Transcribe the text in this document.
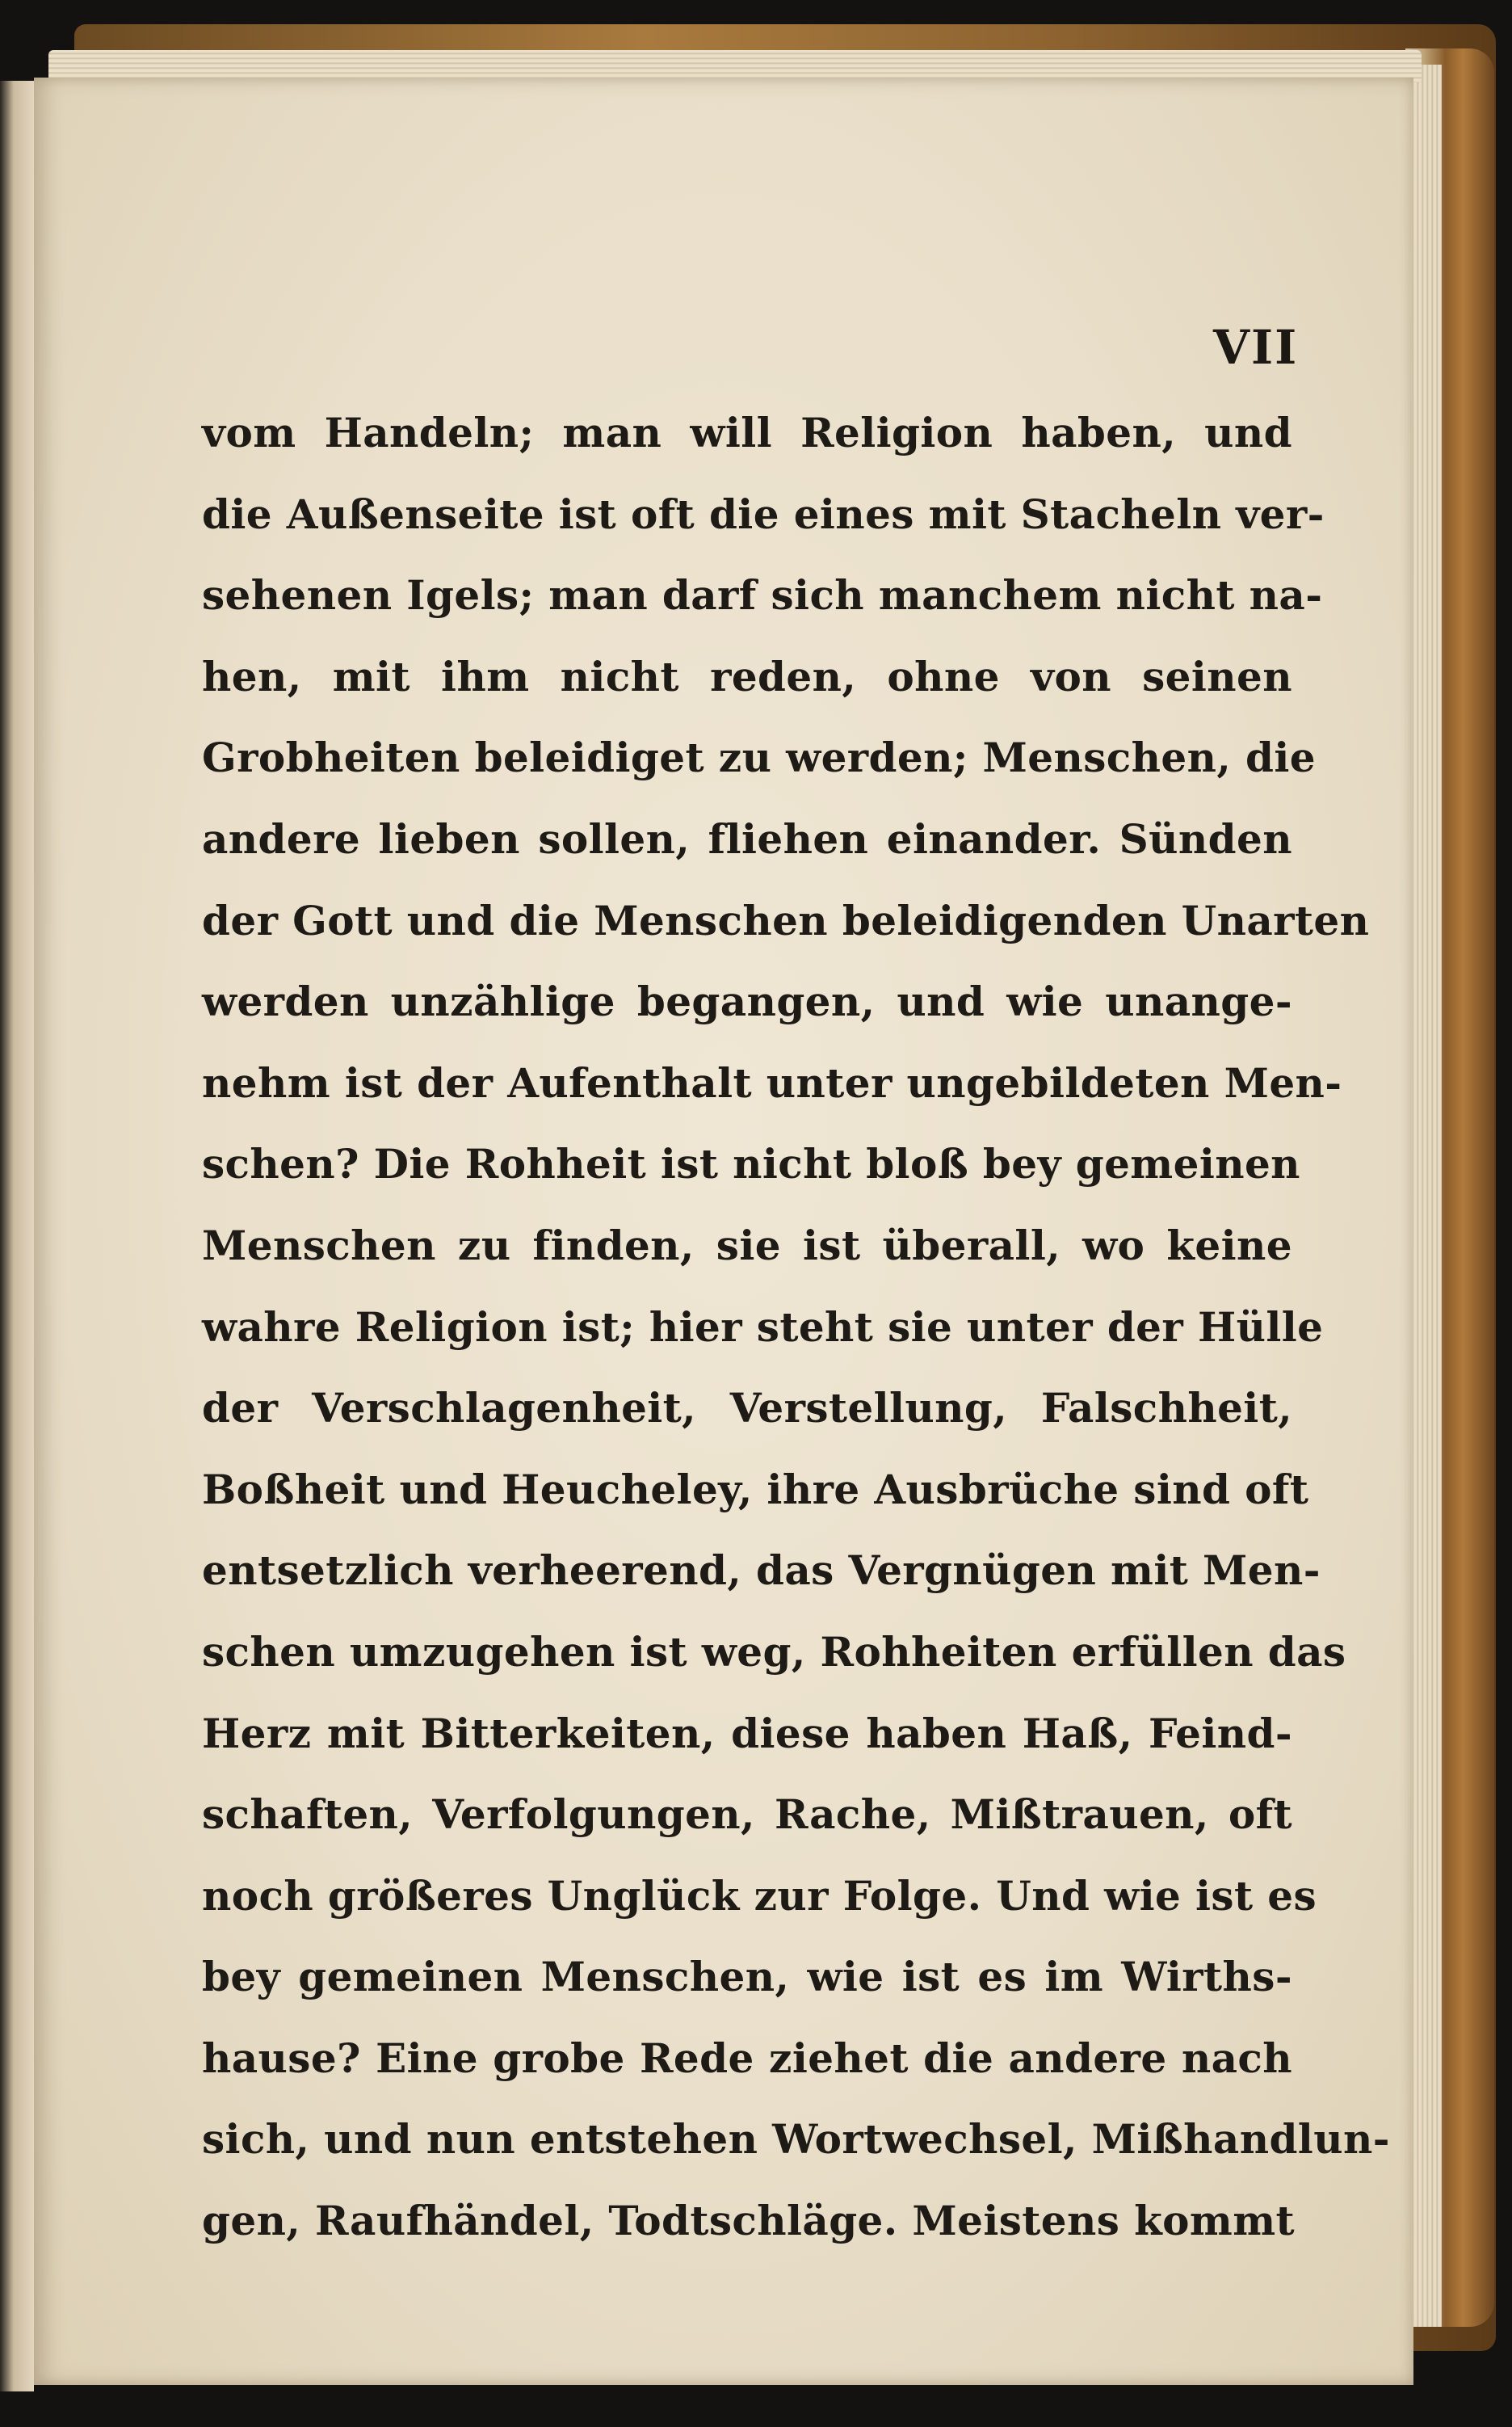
VII
vom Handeln; man will Religion haben, und
die Außenseite ist oft die eines mit Stacheln ver-
sehenen Igels; man darf sich manchem nicht na-
hen, mit ihm nicht reden, ohne von seinen
Grobheiten beleidiget zu werden; Menschen, die
andere lieben sollen, fliehen einander. Sünden
der Gott und die Menschen beleidigenden Unarten
werden unzählige begangen, und wie unange-
nehm ist der Aufenthalt unter ungebildeten Men-
schen? Die Rohheit ist nicht bloß bey gemeinen
Menschen zu finden, sie ist überall, wo keine
wahre Religion ist; hier steht sie unter der Hülle
der Verschlagenheit, Verstellung, Falschheit,
Boßheit und Heucheley, ihre Ausbrüche sind oft
entsetzlich verheerend, das Vergnügen mit Men-
schen umzugehen ist weg, Rohheiten erfüllen das
Herz mit Bitterkeiten, diese haben Haß, Feind-
schaften, Verfolgungen, Rache, Mißtrauen, oft
noch größeres Unglück zur Folge. Und wie ist es
bey gemeinen Menschen, wie ist es im Wirths-
hause? Eine grobe Rede ziehet die andere nach
sich, und nun entstehen Wortwechsel, Mißhandlun-
gen, Raufhändel, Todtschläge. Meistens kommt
